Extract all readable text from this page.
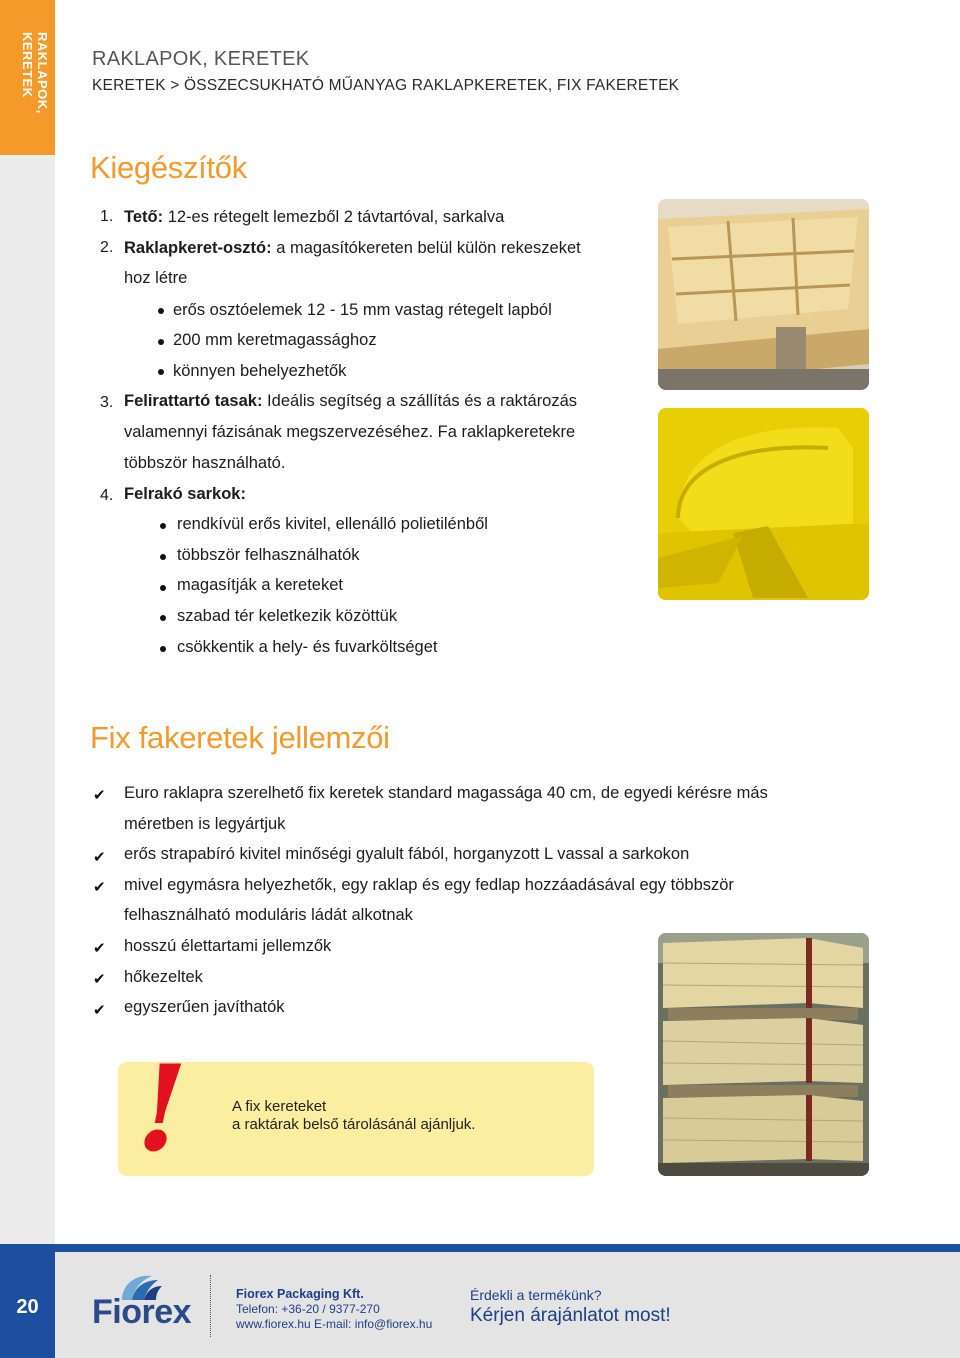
RAKLAPOK, KERETEK	RAKLAPOK, KERETEK
KERETEK > ÖSSZECSUKHATÓ MŰANYAG RAKLAPKERETEK, FIX FAKERETEK
Kiegészítők
1. Tető: 12-es rétegelt lemezből 2 távtartóval, sarkalva
2. Raklapkeret-osztó: a magasítókereten belül külön rekeszeket
hoz létre
erős osztóelemek 12 - 15 mm vastag rétegelt lapból
200 mm keretmagassághoz
könnyen behelyezhetők
3. Felirattartó tasak: Ideális segítség a szállítás és a raktározás
valamennyi fázisának megszervezéséhez. Fa raklapkeretekre
többször használható.
4. Felrakó sarkok:
rendkívül erős kivitel, ellenálló polietilénből
többször felhasználhatók
magasítják a kereteket
szabad tér keletkezik közöttük
csökkentik a hely- és fuvarköltséget
Fix fakeretek jellemzői
✔ Euro raklapra szerelhető fix keretek standard magassága 40 cm, de egyedi kérésre más
méretben is legyártjuk
✔ erős strapabíró kivitel minőségi gyalult fából, horganyzott L vassal a sarkokon
✔ mivel egymásra helyezhetők, egy raklap és egy fedlap hozzáadásával egy többször
felhasználható moduláris ládát alkotnak
✔ hosszú élettartami jellemzők
✔ hőkezeltek
✔ egyszerűen javíthatók
!	A fix kereteket
a raktárak belső tárolásánál ajánljuk.
20	Fiorex	Fiorex Packaging Kft.
Telefon: +36-20 / 9377-270
www.fiorex.hu E-mail: info@fiorex.hu
Érdekli a termékünk?
Kérjen árajánlatot most!
